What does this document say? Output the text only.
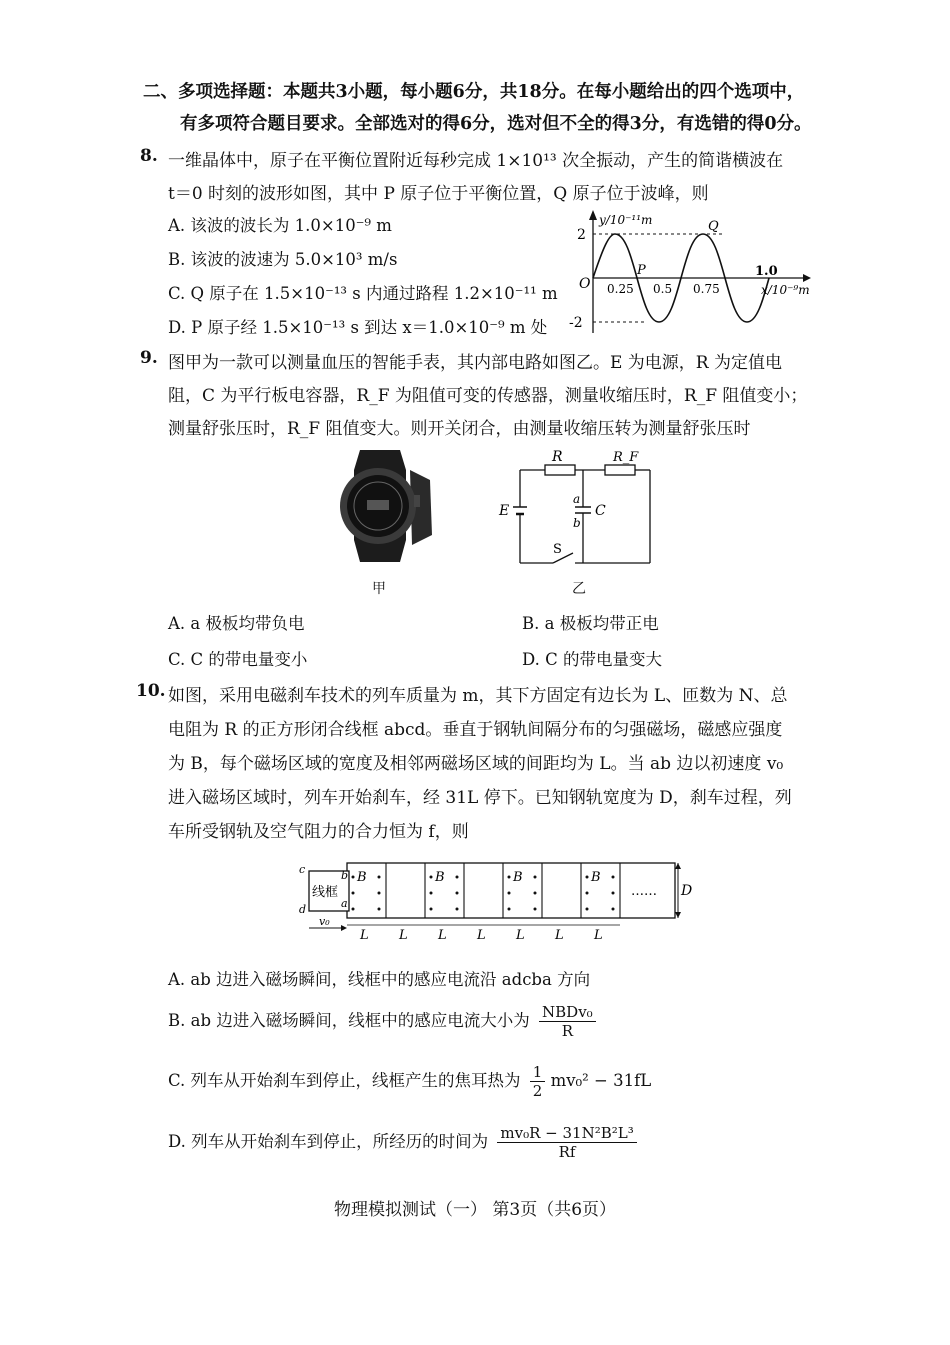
二、多项选择题：本题共3小题，每小题6分，共18分。在每小题给出的四个选项中，
有多项符合题目要求。全部选对的得6分，选对但不全的得3分，有选错的得0分。
8. 一维晶体中，原子在平衡位置附近每秒完成 1×10¹³ 次全振动，产生的简谐横波在
t＝0 时刻的波形如图，其中 P 原子位于平衡位置，Q 原子位于波峰，则
A. 该波的波长为 1.0×10⁻⁹ m
B. 该波的波速为 5.0×10³ m/s
C. Q 原子在 1.5×10⁻¹³ s 内通过路程 1.2×10⁻¹¹ m
D. P 原子经 1.5×10⁻¹³ s 到达 x＝1.0×10⁻⁹ m 处
2
-2
O
y/10⁻¹¹m
0.25 0.5 0.75
1.0
x/10⁻⁹m
P
Q
9. 图甲为一款可以测量血压的智能手表，其内部电路如图乙。E 为电源，R 为定值电
阻，C 为平行板电容器，R_F 为阻值可变的传感器，测量收缩压时，R_F 阻值变小；
测量舒张压时，R_F 阻值变大。则开关闭合，由测量收缩压转为测量舒张压时
甲
R	R_F
E
a
b
C
S
乙
A. a 极板均带负电	B. a 极板均带正电
C. C 的带电量变小	D. C 的带电量变大
10. 如图，采用电磁刹车技术的列车质量为 m，其下方固定有边长为 L、匝数为 N、总
电阻为 R 的正方形闭合线框 abcd。垂直于钢轨间隔分布的匀强磁场，磁感应强度
为 B，每个磁场区域的宽度及相邻两磁场区域的间距均为 L。当 ab 边以初速度 v₀
进入磁场区域时，列车开始刹车，经 31L 停下。已知钢轨宽度为 D，刹车过程，列
车所受钢轨及空气阻力的合力恒为 f，则
线框
c
d
b
a
v₀
B	B	B	B
…… D
L L L L L L L
A. ab 边进入磁场瞬间，线框中的感应电流沿 adcba 方向
B. ab 边进入磁场瞬间，线框中的感应电流大小为 $\frac{\text{NBDv₀}}{R}$
C. 列车从开始刹车到停止，线框产生的焦耳热为 $\frac{1}{2} mv_0^2 - 31fL$
D. 列车从开始刹车到停止，所经历的时间为 $\frac{\text{mv₀R − 31N²B²L³}}{Rf}$
物理模拟测试（一） 第3页（共6页）
